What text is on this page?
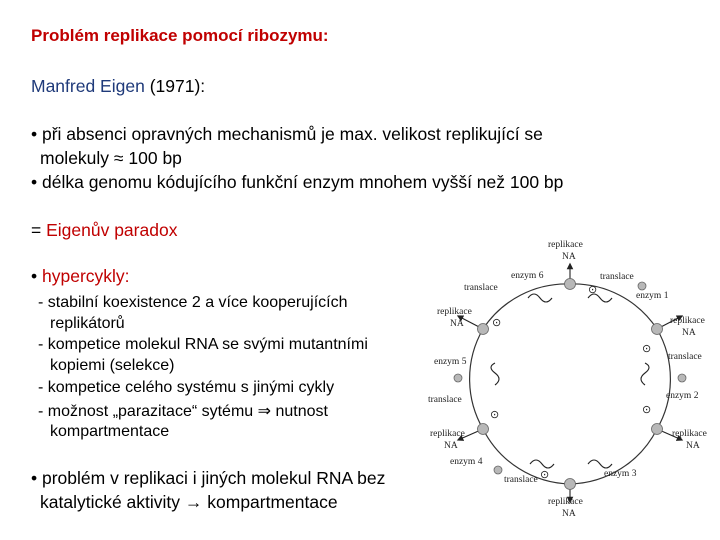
Problém replikace pomocí ribozymu:
Manfred Eigen (1971):
• při absenci opravných mechanismů je max. velikost replikující se
molekuly ≈ 100 bp
• délka genomu kódujícího funkční enzym mnohem vyšší než 100 bp
= Eigenův paradox
• hypercykly:
- stabilní koexistence 2 a více kooperujících
replikátorů
- kompetice molekul RNA se svými mutantními
kopiemi (selekce)
- kompetice celého systému s jinými cykly
- možnost „parazitace“ sytému ⇒ nutnost
kompartmentace
• problém v replikaci i jiných molekul RNA bez
katalytické aktivity → kompartmentace
⊙
⊙
⊙
⊙
⊙
⊙
replikace
NA
enzym 6	translace
enzym 1
translace
replikace
NA	replikace
NA
translace
enzym 5
translace	enzym 2
replikace
NA
replikace
NA
enzym 4
enzym 3
translace
replikace
NA
